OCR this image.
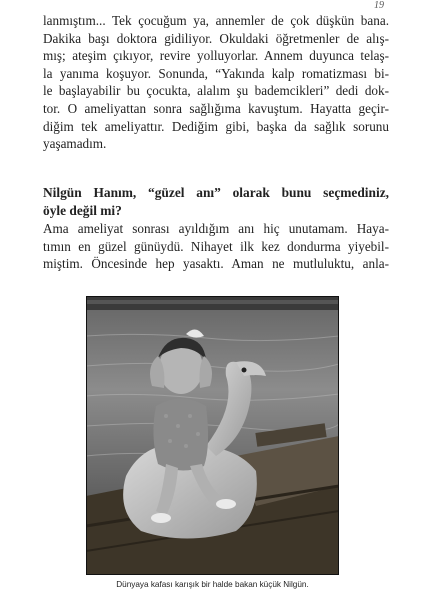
19

lanmıştım... Tek çocuğum ya, annemler de çok düşkün bana.
Dakika başı doktora gidiliyor. Okuldaki öğretmenler de alış-
mış; ateşim çıkıyor, revire yolluyorlar. Annem duyunca telaş-
la yanıma koşuyor. Sonunda, “Yakında kalp romatizması bi-
le başlayabilir bu çocukta, alalım şu bademcikleri” dedi dok-
tor. O ameliyattan sonra sağlığıma kavuştum. Hayatta geçir-
diğim tek ameliyattır. Dediğim gibi, başka da sağlık sorunu
yaşamadım.

Nilgün Hanım, “güzel anı” olarak bunu seçmediniz,
öyle değil mi?

Ama ameliyat sonrası ayıldığım anı hiç unutamam. Haya-
tımın en güzel günüydü. Nihayet ilk kez dondurma yiyebil-
miştim. Öncesinde hep yasaktı. Aman ne mutluluktu, anla-

Dünyaya kafası karışık bir halde bakan küçük Nilgün.
